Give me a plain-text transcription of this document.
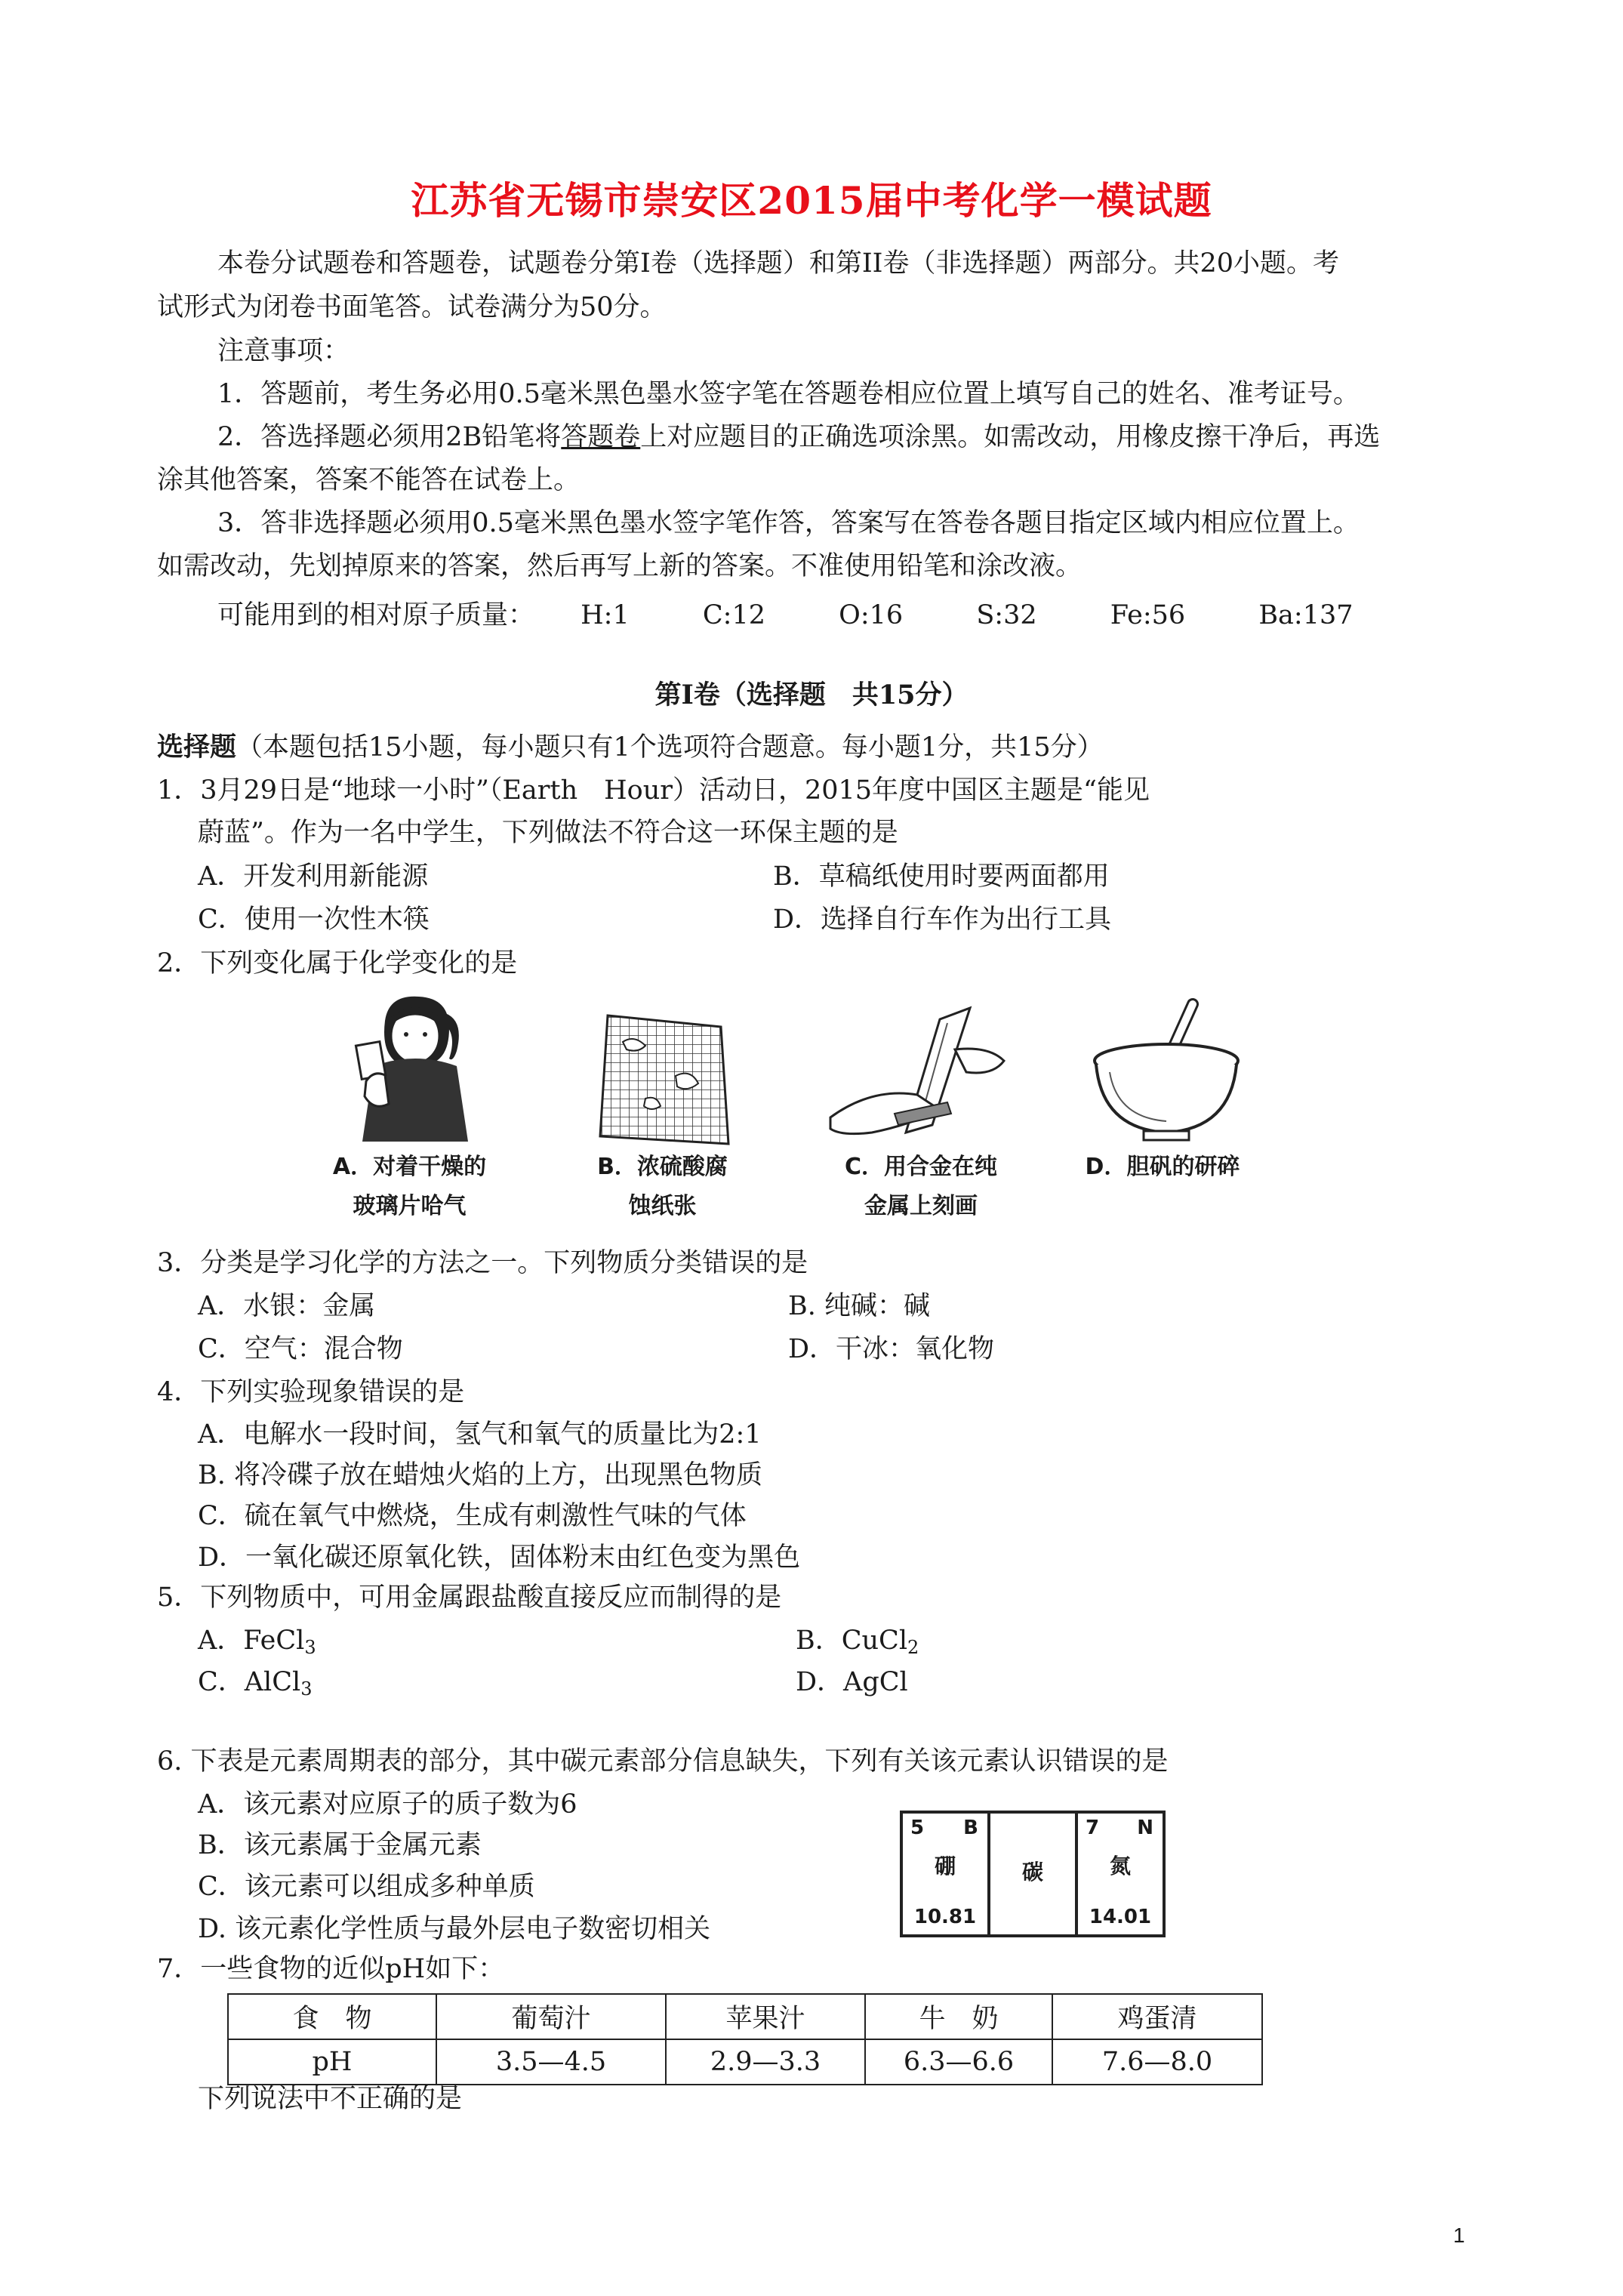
江苏省无锡市崇安区2015届中考化学一模试题
本卷分试题卷和答题卷，试题卷分第Ⅰ卷（选择题）和第II卷（非选择题）两部分。共20小题。考
试形式为闭卷书面笔答。试卷满分为50分。
注意事项：
1．答题前，考生务必用0.5毫米黑色墨水签字笔在答题卷相应位置上填写自己的姓名、准考证号。
2．答选择题必须用2B铅笔将答题卷上对应题目的正确选项涂黑。如需改动，用橡皮擦干净后，再选
涂其他答案，答案不能答在试卷上。
3．答非选择题必须用0.5毫米黑色墨水签字笔作答，答案写在答卷各题目指定区域内相应位置上。
如需改动，先划掉原来的答案，然后再写上新的答案。不准使用铅笔和涂改液。
可能用到的相对原子质量： H:1	C:12	O:16	S:32	Fe:56	Ba:137
第Ⅰ卷（选择题　共15分）
选择题（本题包括15小题，每小题只有1个选项符合题意。每小题1分，共15分）
1．3月29日是“地球一小时”（Earth　Hour）活动日，2015年度中国区主题是“能见
蔚蓝”。作为一名中学生，下列做法不符合这一环保主题的是
A．开发利用新能源	B．草稿纸使用时要两面都用
C．使用一次性木筷	D．选择自行车作为出行工具
2．下列变化属于化学变化的是
A．对着干燥的
玻璃片哈气
B．浓硫酸腐
蚀纸张
C．用合金在纯
金属上刻画
D．胆矾的研碎
3．分类是学习化学的方法之一。下列物质分类错误的是
A．水银：金属	B. 纯碱：碱
C．空气：混合物	D．干冰：氧化物
4．下列实验现象错误的是
A．电解水一段时间，氢气和氧气的质量比为2:1
B. 将冷碟子放在蜡烛火焰的上方，出现黑色物质
C．硫在氧气中燃烧，生成有刺激性气味的气体
D．一氧化碳还原氧化铁，固体粉末由红色变为黑色
5．下列物质中，可用金属跟盐酸直接反应而制得的是
A．FeCl$_3$	B．CuCl$_2$
C．AlCl$_3$	D．AgCl
6. 下表是元素周期表的部分，其中碳元素部分信息缺失，下列有关该元素认识错误的是
A．该元素对应原子的质子数为6
B．该元素属于金属元素
C．该元素可以组成多种单质
D. 该元素化学性质与最外层电子数密切相关
5 B
硼
10.81
碳
7 N
氮
14.01
7．一些食物的近似pH如下：
食　物	葡萄汁	苹果汁	牛　奶	鸡蛋清
pH	3.5—4.5	2.9—3.3	6.3—6.6	7.6—8.0
下列说法中不正确的是
1
